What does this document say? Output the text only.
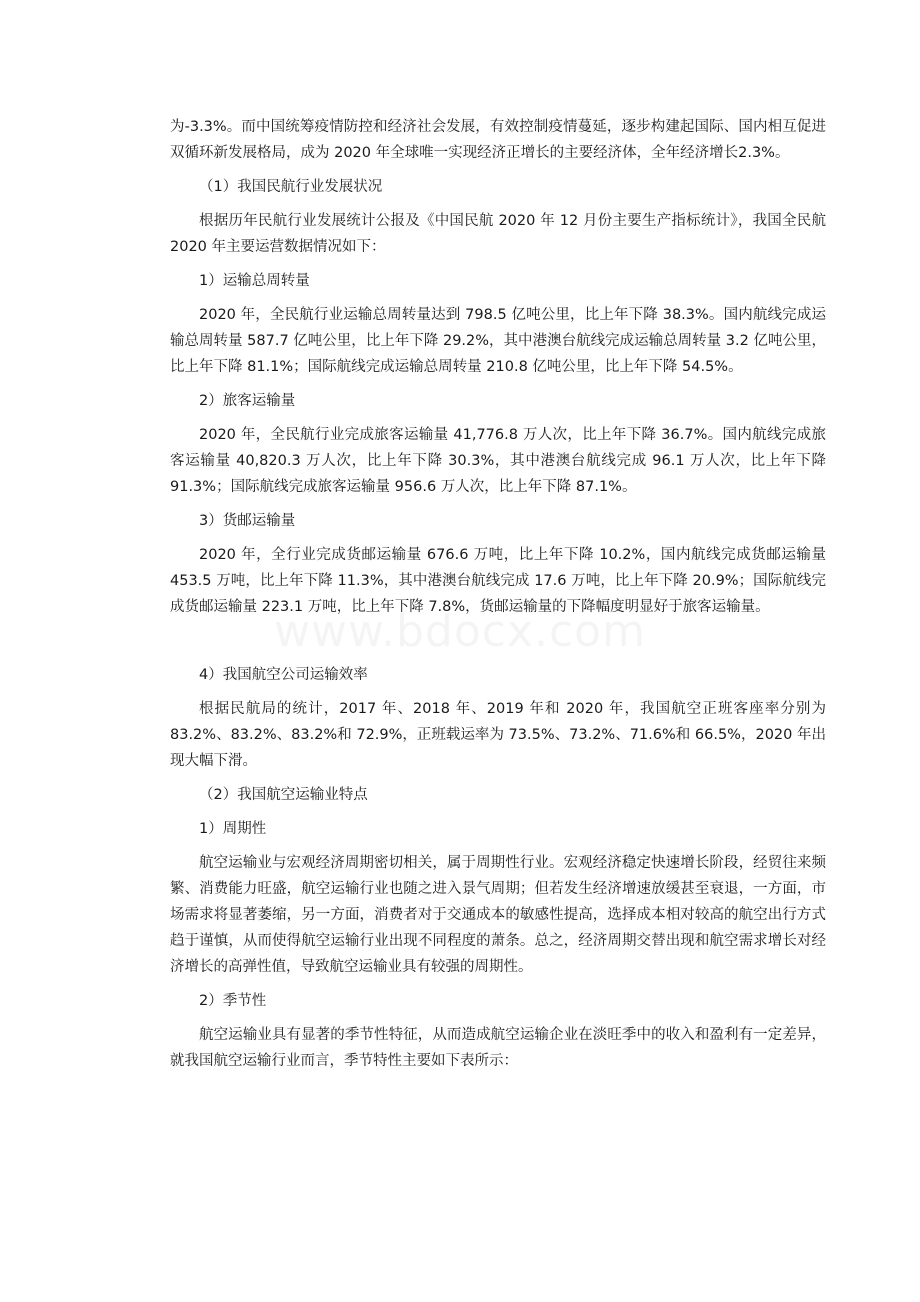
为-3.3%。而中国统筹疫情防控和经济社会发展，有效控制疫情蔓延，逐步构建起国际、国内相互促进双循环新发展格局，成为 2020 年全球唯一实现经济正增长的主要经济体，全年经济增长2.3%。

（1）我国民航行业发展状况

根据历年民航行业发展统计公报及《中国民航 2020 年 12 月份主要生产指标统计》，我国全民航 2020 年主要运营数据情况如下：

1）运输总周转量

2020 年，全民航行业运输总周转量达到 798.5 亿吨公里，比上年下降 38.3%。国内航线完成运输总周转量 587.7 亿吨公里，比上年下降 29.2%，其中港澳台航线完成运输总周转量 3.2 亿吨公里，比上年下降 81.1%；国际航线完成运输总周转量 210.8 亿吨公里，比上年下降 54.5%。

2）旅客运输量

2020 年，全民航行业完成旅客运输量 41,776.8 万人次，比上年下降 36.7%。国内航线完成旅客运输量 40,820.3 万人次，比上年下降 30.3%，其中港澳台航线完成 96.1 万人次，比上年下降 91.3%；国际航线完成旅客运输量 956.6 万人次，比上年下降 87.1%。

3）货邮运输量

2020 年，全行业完成货邮运输量 676.6 万吨，比上年下降 10.2%，国内航线完成货邮运输量 453.5 万吨，比上年下降 11.3%，其中港澳台航线完成 17.6 万吨，比上年下降 20.9%；国际航线完成货邮运输量 223.1 万吨，比上年下降 7.8%，货邮运输量的下降幅度明显好于旅客运输量。

4）我国航空公司运输效率

根据民航局的统计，2017 年、2018 年、2019 年和 2020 年，我国航空正班客座率分别为 83.2%、83.2%、83.2%和 72.9%，正班载运率为 73.5%、73.2%、71.6%和 66.5%，2020 年出现大幅下滑。

（2）我国航空运输业特点

1）周期性

航空运输业与宏观经济周期密切相关，属于周期性行业。宏观经济稳定快速增长阶段，经贸往来频繁、消费能力旺盛，航空运输行业也随之进入景气周期；但若发生经济增速放缓甚至衰退，一方面，市场需求将显著萎缩，另一方面，消费者对于交通成本的敏感性提高，选择成本相对较高的航空出行方式趋于谨慎，从而使得航空运输行业出现不同程度的萧条。总之，经济周期交替出现和航空需求增长对经济增长的高弹性值，导致航空运输业具有较强的周期性。

2）季节性

航空运输业具有显著的季节性特征，从而造成航空运输企业在淡旺季中的收入和盈利有一定差异，就我国航空运输行业而言，季节特性主要如下表所示：
